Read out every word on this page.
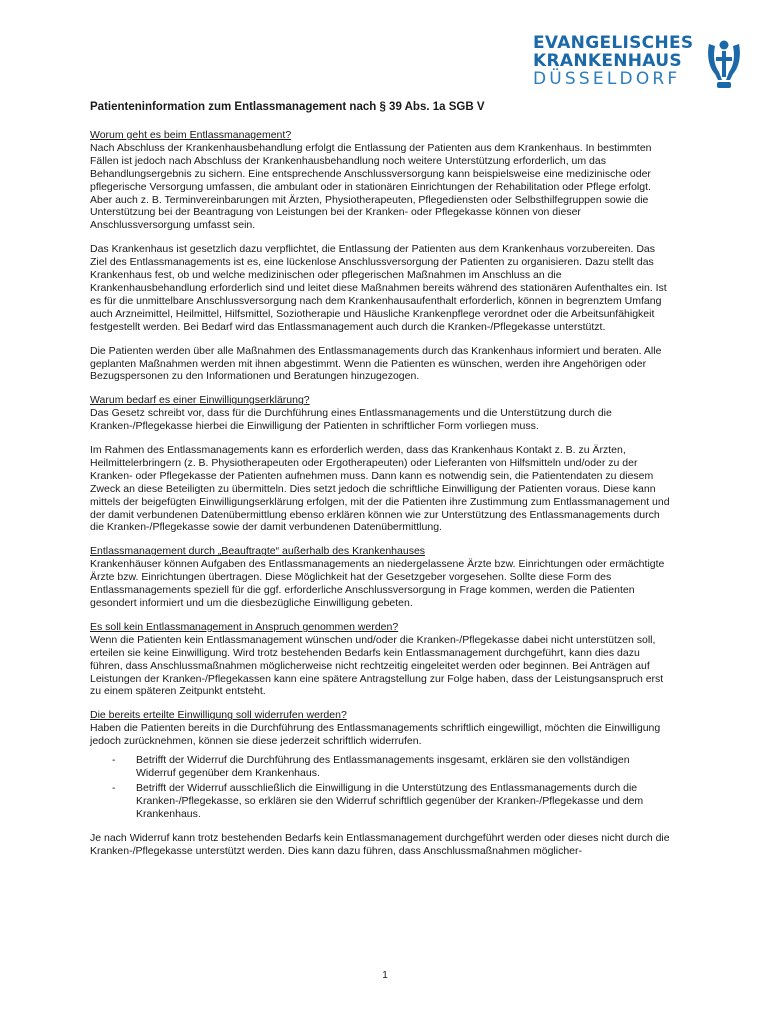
EVANGELISCHES
KRANKENHAUS
DÜSSELDORF
Patienteninformation zum Entlassmanagement nach § 39 Abs. 1a SGB V
Worum geht es beim Entlassmanagement?

Nach Abschluss der Krankenhausbehandlung erfolgt die Entlassung der Patienten aus dem Krankenhaus. In bestimmten Fällen ist jedoch nach Abschluss der Krankenhausbehandlung noch weitere Unterstützung erforderlich, um das Behandlungsergebnis zu sichern. Eine entsprechende Anschlussversorgung kann beispielsweise eine medizinische oder pflegerische Versorgung umfassen, die ambulant oder in stationären Einrichtungen der Rehabilitation oder Pflege erfolgt. Aber auch z. B. Terminvereinbarungen mit Ärzten, Physiotherapeuten, Pflegediensten oder Selbsthilfegruppen sowie die Unterstützung bei der Beantragung von Leistungen bei der Kranken- oder Pflegekasse können von dieser Anschlussversorgung umfasst sein.

Das Krankenhaus ist gesetzlich dazu verpflichtet, die Entlassung der Patienten aus dem Krankenhaus vorzubereiten. Das Ziel des Entlassmanagements ist es, eine lückenlose Anschlussversorgung der Patienten zu organisieren. Dazu stellt das Krankenhaus fest, ob und welche medizinischen oder pflegerischen Maßnahmen im Anschluss an die Krankenhausbehandlung erforderlich sind und leitet diese Maßnahmen bereits während des stationären Aufenthaltes ein. Ist es für die unmittelbare Anschlussversorgung nach dem Krankenhausaufenthalt erforderlich, können in begrenztem Umfang auch Arzneimittel, Heilmittel, Hilfsmittel, Soziotherapie und Häusliche Krankenpflege verordnet oder die Arbeitsunfähigkeit festgestellt werden. Bei Bedarf wird das Entlassmanagement auch durch die Kranken-/Pflegekasse unterstützt.

Die Patienten werden über alle Maßnahmen des Entlassmanagements durch das Krankenhaus informiert und beraten. Alle geplanten Maßnahmen werden mit ihnen abgestimmt. Wenn die Patienten es wünschen, werden ihre Angehörigen oder Bezugspersonen zu den Informationen und Beratungen hinzugezogen.

Warum bedarf es einer Einwilligungserklärung?

Das Gesetz schreibt vor, dass für die Durchführung eines Entlassmanagements und die Unterstützung durch die Kranken-/Pflegekasse hierbei die Einwilligung der Patienten in schriftlicher Form vorliegen muss.

Im Rahmen des Entlassmanagements kann es erforderlich werden, dass das Krankenhaus Kontakt z. B. zu Ärzten, Heilmittelerbringern (z. B. Physiotherapeuten oder Ergotherapeuten) oder Lieferanten von Hilfsmitteln und/oder zu der Kranken- oder Pflegekasse der Patienten aufnehmen muss. Dann kann es notwendig sein, die Patientendaten zu diesem Zweck an diese Beteiligten zu übermitteln. Dies setzt jedoch die schriftliche Einwilligung der Patienten voraus. Diese kann mittels der beigefügten Einwilligungserklärung erfolgen, mit der die Patienten ihre Zustimmung zum Entlassmanagement und der damit verbundenen Datenübermittlung ebenso erklären können wie zur Unterstützung des Entlassmanagements durch die Kranken-/Pflegekasse sowie der damit verbundenen Datenübermittlung.

Entlassmanagement durch „Beauftragte“ außerhalb des Krankenhauses

Krankenhäuser können Aufgaben des Entlassmanagements an niedergelassene Ärzte bzw. Einrichtungen oder ermächtigte Ärzte bzw. Einrichtungen übertragen. Diese Möglichkeit hat der Gesetzgeber vorgesehen. Sollte diese Form des Entlassmanagements speziell für die ggf. erforderliche Anschlussversorgung in Frage kommen, werden die Patienten gesondert informiert und um die diesbezügliche Einwilligung gebeten.

Es soll kein Entlassmanagement in Anspruch genommen werden?

Wenn die Patienten kein Entlassmanagement wünschen und/oder die Kranken-/Pflegekasse dabei nicht unterstützen soll, erteilen sie keine Einwilligung. Wird trotz bestehenden Bedarfs kein Entlassmanagement durchgeführt, kann dies dazu führen, dass Anschlussmaßnahmen möglicherweise nicht rechtzeitig eingeleitet werden oder beginnen. Bei Anträgen auf Leistungen der Kranken-/Pflegekassen kann eine spätere Antragstellung zur Folge haben, dass der Leistungsanspruch erst zu einem späteren Zeitpunkt entsteht.

Die bereits erteilte Einwilligung soll widerrufen werden?

Haben die Patienten bereits in die Durchführung des Entlassmanagements schriftlich eingewilligt, möchten die Einwilligung jedoch zurücknehmen, können sie diese jederzeit schriftlich widerrufen.

- Betrifft der Widerruf die Durchführung des Entlassmanagements insgesamt, erklären sie den vollständigen Widerruf gegenüber dem Krankenhaus.
- Betrifft der Widerruf ausschließlich die Einwilligung in die Unterstützung des Entlassmanagements durch die Kranken-/Pflegekasse, so erklären sie den Widerruf schriftlich gegenüber der Kranken-/Pflegekasse und dem Krankenhaus.

Je nach Widerruf kann trotz bestehenden Bedarfs kein Entlassmanagement durchgeführt werden oder dieses nicht durch die Kranken-/Pflegekasse unterstützt werden. Dies kann dazu führen, dass Anschlussmaßnahmen möglicher-

1
